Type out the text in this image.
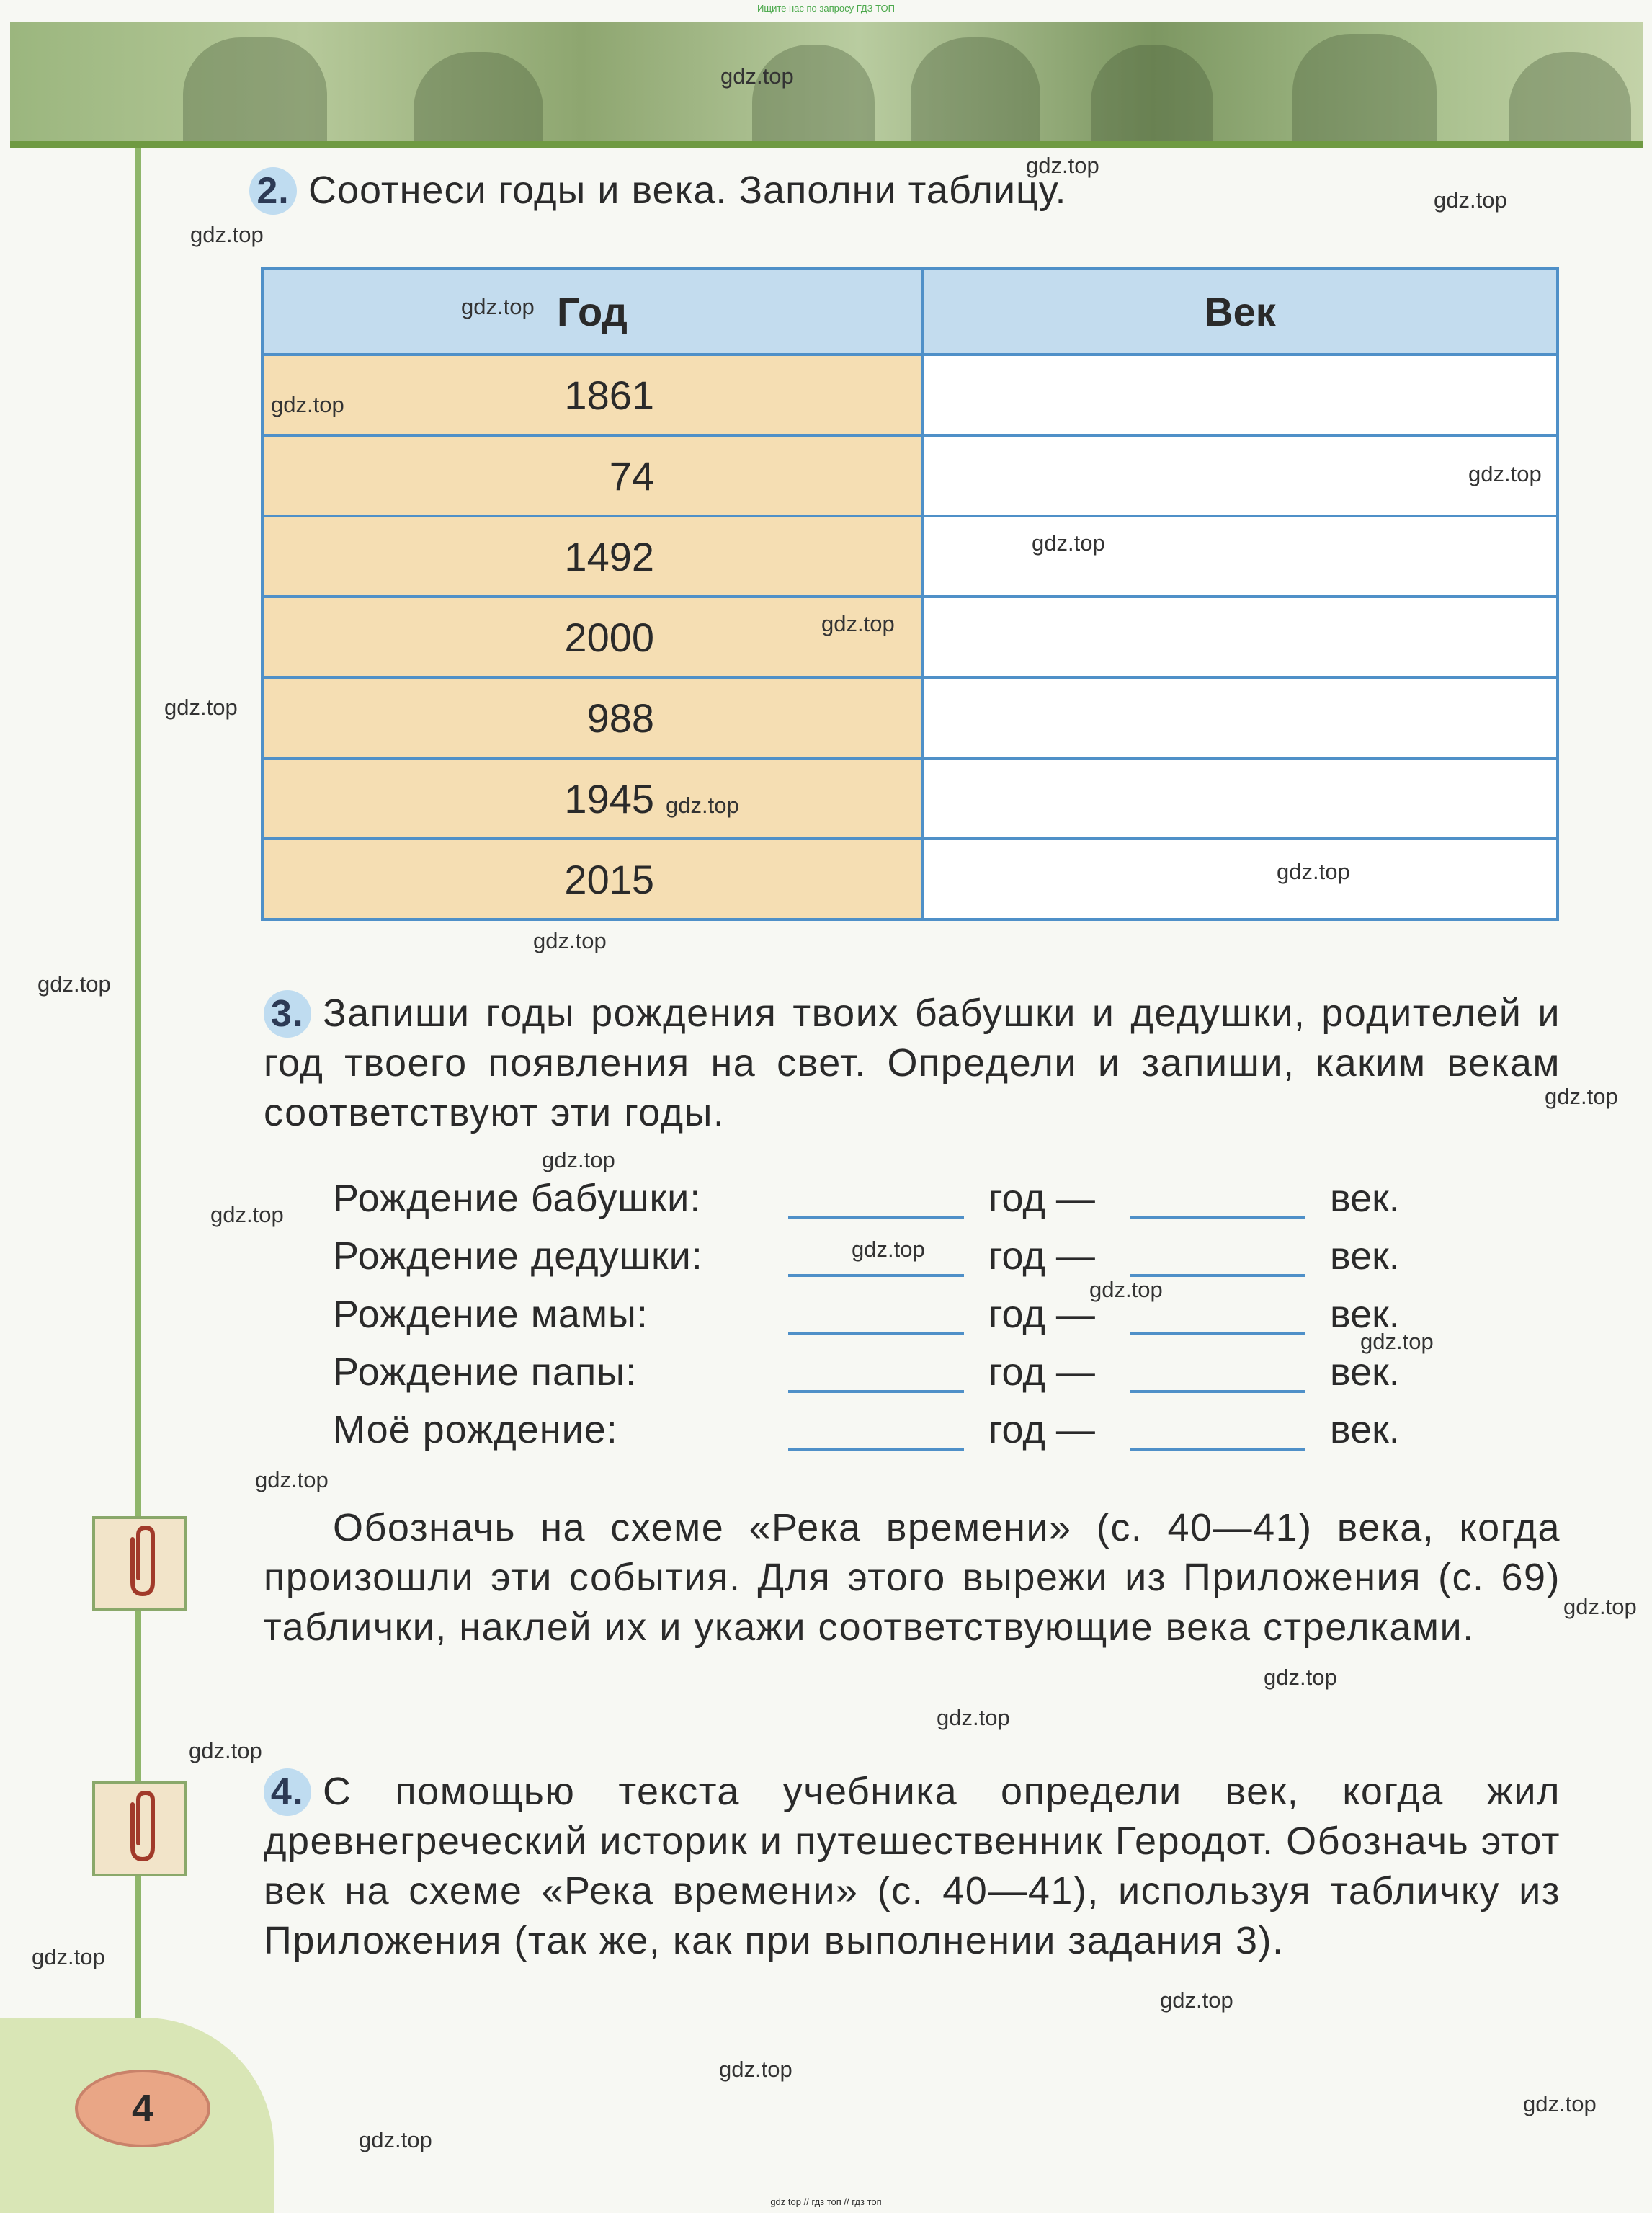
Ищите нас по запросу ГДЗ ТОП
4
2. Соотнеси годы и века. Заполни таблицу.
Год	Век
1861	
74	
1492	
2000	
988	
1945	
2015	
3. Запиши годы рождения твоих бабушки и дедушки, родителей и год твоего появления на свет. Определи и запиши, каким векам соответствуют эти годы.
Рождение бабушки:	год —	век.
Рождение дедушки:	год —	век.
Рождение мамы:	год —	век.
Рождение папы:	год —	век.
Моё рождение:	год —	век.
Обозначь на схеме «Река времени» (с. 40—41) века, когда произошли эти события. Для этого вырежи из Приложения (с. 69) таблички, наклей их и укажи соответствующие века стрелками.
4. С помощью текста учебника определи век, когда жил древнегреческий историк и путешественник Геродот. Обозначь этот век на схеме «Река времени» (с. 40—41), используя табличку из Приложения (так же, как при выполнении задания 3).
gdz.top
gdz.top
gdz.top
gdz.top
gdz.top
gdz.top
gdz.top
gdz.top
gdz.top
gdz.top
gdz.top
gdz.top
gdz.top
gdz.top
gdz.top
gdz.top
gdz.top
gdz.top
gdz.top
gdz.top
gdz.top
gdz.top
gdz.top
gdz.top
gdz.top
gdz.top
gdz.top
gdz.top
gdz.top
gdz.top
gdz top // гдз топ // гдз топ
